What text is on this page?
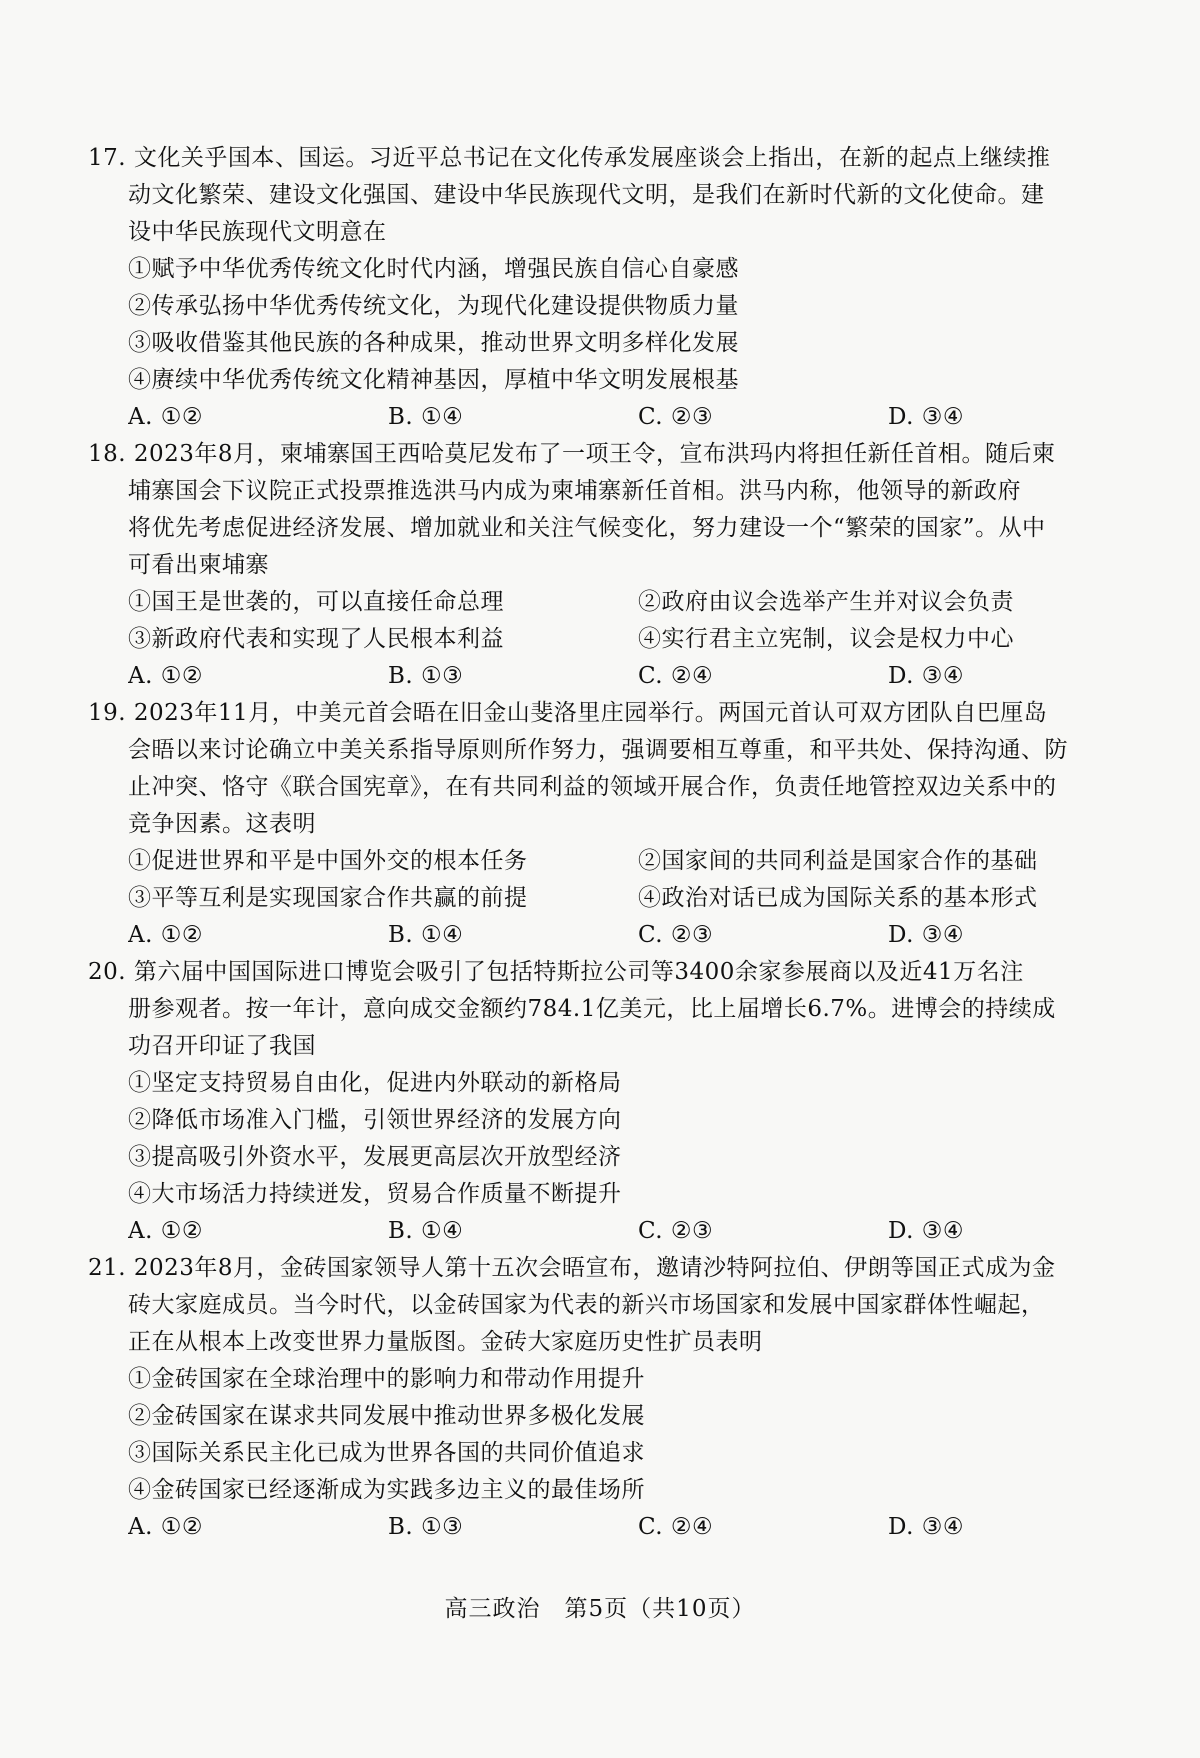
17. 文化关乎国本、国运。习近平总书记在文化传承发展座谈会上指出，在新的起点上继续推
动文化繁荣、建设文化强国、建设中华民族现代文明，是我们在新时代新的文化使命。建
设中华民族现代文明意在
①赋予中华优秀传统文化时代内涵，增强民族自信心自豪感
②传承弘扬中华优秀传统文化，为现代化建设提供物质力量
③吸收借鉴其他民族的各种成果，推动世界文明多样化发展
④赓续中华优秀传统文化精神基因，厚植中华文明发展根基
A. ①②	B. ①④	C. ②③	D. ③④
18. 2023年8月，柬埔寨国王西哈莫尼发布了一项王令，宣布洪玛内将担任新任首相。随后柬
埔寨国会下议院正式投票推选洪马内成为柬埔寨新任首相。洪马内称，他领导的新政府
将优先考虑促进经济发展、增加就业和关注气候变化，努力建设一个“繁荣的国家”。从中
可看出柬埔寨
①国王是世袭的，可以直接任命总理	②政府由议会选举产生并对议会负责
③新政府代表和实现了人民根本利益	④实行君主立宪制，议会是权力中心
A. ①②	B. ①③	C. ②④	D. ③④
19. 2023年11月，中美元首会晤在旧金山斐洛里庄园举行。两国元首认可双方团队自巴厘岛
会晤以来讨论确立中美关系指导原则所作努力，强调要相互尊重，和平共处、保持沟通、防
止冲突、恪守《联合国宪章》，在有共同利益的领域开展合作，负责任地管控双边关系中的
竞争因素。这表明
①促进世界和平是中国外交的根本任务	②国家间的共同利益是国家合作的基础
③平等互利是实现国家合作共赢的前提	④政治对话已成为国际关系的基本形式
A. ①②	B. ①④	C. ②③	D. ③④
20. 第六届中国国际进口博览会吸引了包括特斯拉公司等3400余家参展商以及近41万名注
册参观者。按一年计，意向成交金额约784.1亿美元，比上届增长6.7%。进博会的持续成
功召开印证了我国
①坚定支持贸易自由化，促进内外联动的新格局
②降低市场准入门槛，引领世界经济的发展方向
③提高吸引外资水平，发展更高层次开放型经济
④大市场活力持续迸发，贸易合作质量不断提升
A. ①②	B. ①④	C. ②③	D. ③④
21. 2023年8月，金砖国家领导人第十五次会晤宣布，邀请沙特阿拉伯、伊朗等国正式成为金
砖大家庭成员。当今时代，以金砖国家为代表的新兴市场国家和发展中国家群体性崛起，
正在从根本上改变世界力量版图。金砖大家庭历史性扩员表明
①金砖国家在全球治理中的影响力和带动作用提升
②金砖国家在谋求共同发展中推动世界多极化发展
③国际关系民主化已成为世界各国的共同价值追求
④金砖国家已经逐渐成为实践多边主义的最佳场所
A. ①②	B. ①③	C. ②④	D. ③④
高三政治　第5页（共10页）
